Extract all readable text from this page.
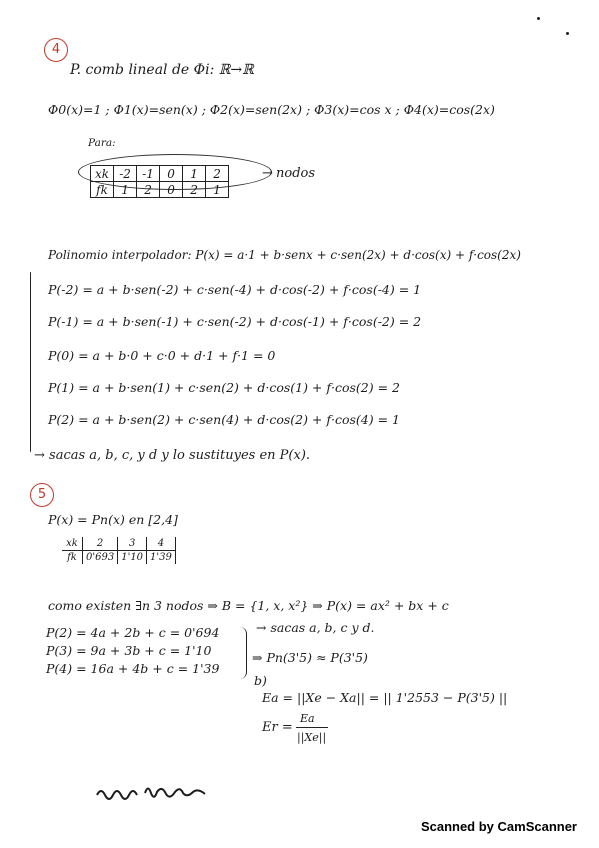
4
P. comb lineal de Φi: ℝ→ℝ
Φ0(x)=1 ; Φ1(x)=sen(x) ; Φ2(x)=sen(2x) ; Φ3(x)=cos x ; Φ4(x)=cos(2x)
Para:
xk	-2	-1	0	1	2
fk	1	2	0	2	1
→ nodos
Polinomio interpolador: P(x) = a·1 + b·senx + c·sen(2x) + d·cos(x) + f·cos(2x)
P(-2) = a + b·sen(-2) + c·sen(-4) + d·cos(-2) + f·cos(-4) = 1
P(-1) = a + b·sen(-1) + c·sen(-2) + d·cos(-1) + f·cos(-2) = 2
P(0) = a + b·0 + c·0 + d·1 + f·1 = 0
P(1) = a + b·sen(1) + c·sen(2) + d·cos(1) + f·cos(2) = 2
P(2) = a + b·sen(2) + c·sen(4) + d·cos(2) + f·cos(4) = 1
→ sacas a, b, c, y d y lo sustituyes en P(x).
5
P(x) = Pn(x) en [2,4]
xk	2	3	4
fk	0'693	1'10	1'39
como existen ∃n 3 nodos ⇒ B = {1, x, x²} ⇒ P(x) = ax² + bx + c
P(2) = 4a + 2b + c = 0'694
P(3) = 9a + 3b + c = 1'10
P(4) = 16a + 4b + c = 1'39
→ sacas a, b, c y d.
⇒ Pn(3'5) ≈ P(3'5)
b)
Ea = ||Xe − Xa|| = || 1'2553 − P(3'5) ||
Er =
Ea
||Xe||
Scanned by CamScanner
